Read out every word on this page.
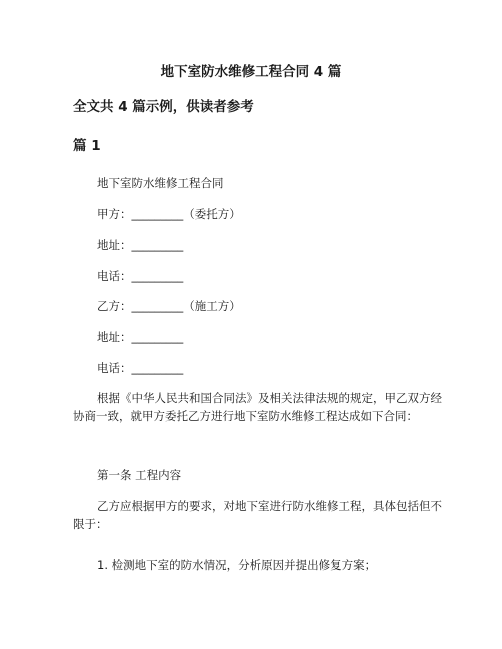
地下室防水维修工程合同 4 篇
全文共 4 篇示例，供读者参考
篇 1

地下室防水维修工程合同

甲方：_________（委托方）

地址：_________

电话：_________

乙方：_________（施工方）

地址：_________

电话：_________

根据《中华人民共和国合同法》及相关法律法规的规定，甲乙双方经协商一致，就甲方委托乙方进行地下室防水维修工程达成如下合同：

第一条 工程内容

乙方应根据甲方的要求，对地下室进行防水维修工程，具体包括但不限于：

1. 检测地下室的防水情况，分析原因并提出修复方案；
